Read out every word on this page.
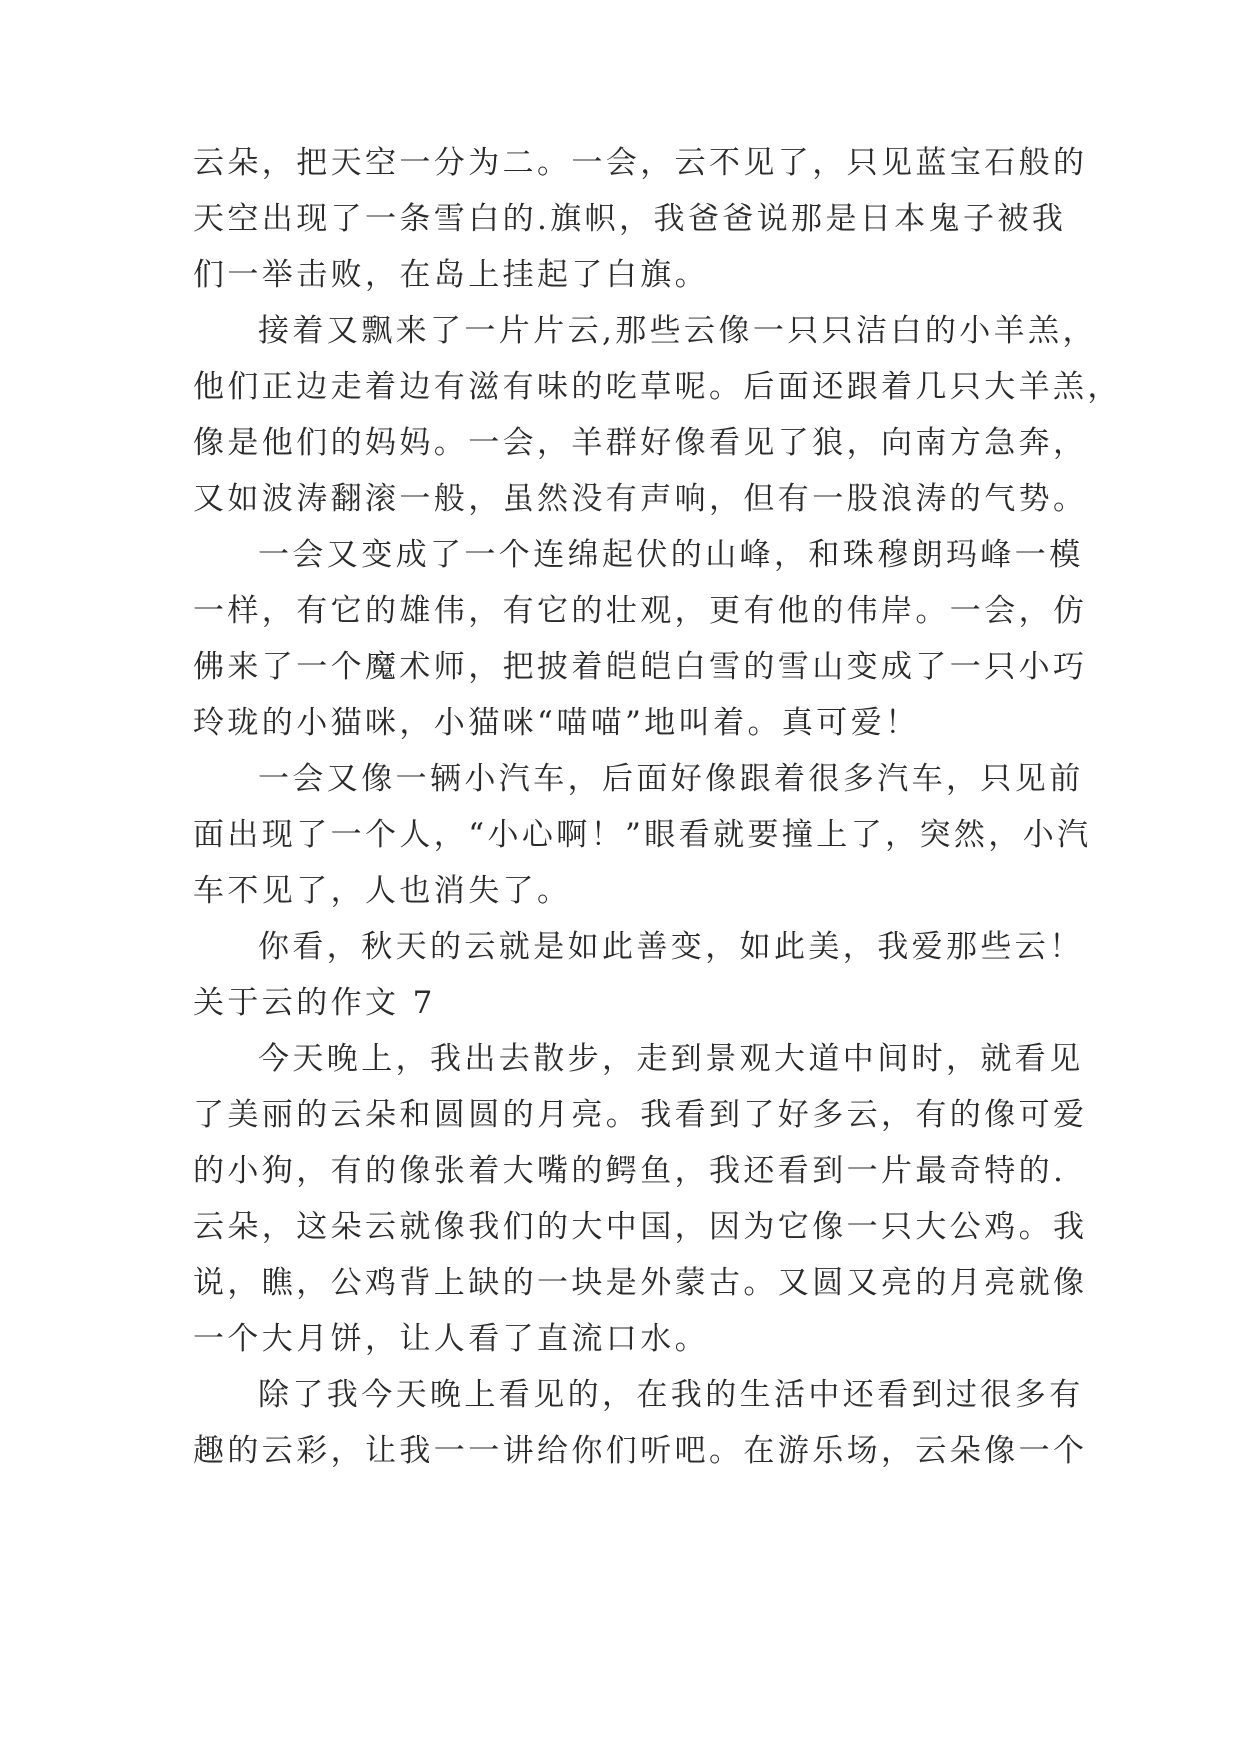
云朵，把天空一分为二。一会，云不见了，只见蓝宝石般的
天空出现了一条雪白的.旗帜，我爸爸说那是日本鬼子被我
们一举击败，在岛上挂起了白旗。
接着又飘来了一片片云,那些云像一只只洁白的小羊羔，
他们正边走着边有滋有味的吃草呢。后面还跟着几只大羊羔，
像是他们的妈妈。一会，羊群好像看见了狼，向南方急奔，
又如波涛翻滚一般，虽然没有声响，但有一股浪涛的气势。
一会又变成了一个连绵起伏的山峰，和珠穆朗玛峰一模
一样，有它的雄伟，有它的壮观，更有他的伟岸。一会，仿
佛来了一个魔术师，把披着皑皑白雪的雪山变成了一只小巧
玲珑的小猫咪，小猫咪“喵喵”地叫着。真可爱！
一会又像一辆小汽车，后面好像跟着很多汽车，只见前
面出现了一个人，“小心啊！”眼看就要撞上了，突然，小汽
车不见了，人也消失了。
你看，秋天的云就是如此善变，如此美，我爱那些云！
关于云的作文 7
今天晚上，我出去散步，走到景观大道中间时，就看见
了美丽的云朵和圆圆的月亮。我看到了好多云，有的像可爱
的小狗，有的像张着大嘴的鳄鱼，我还看到一片最奇特的.
云朵，这朵云就像我们的大中国，因为它像一只大公鸡。我
说，瞧，公鸡背上缺的一块是外蒙古。又圆又亮的月亮就像
一个大月饼，让人看了直流口水。
除了我今天晚上看见的，在我的生活中还看到过很多有
趣的云彩，让我一一讲给你们听吧。在游乐场，云朵像一个
